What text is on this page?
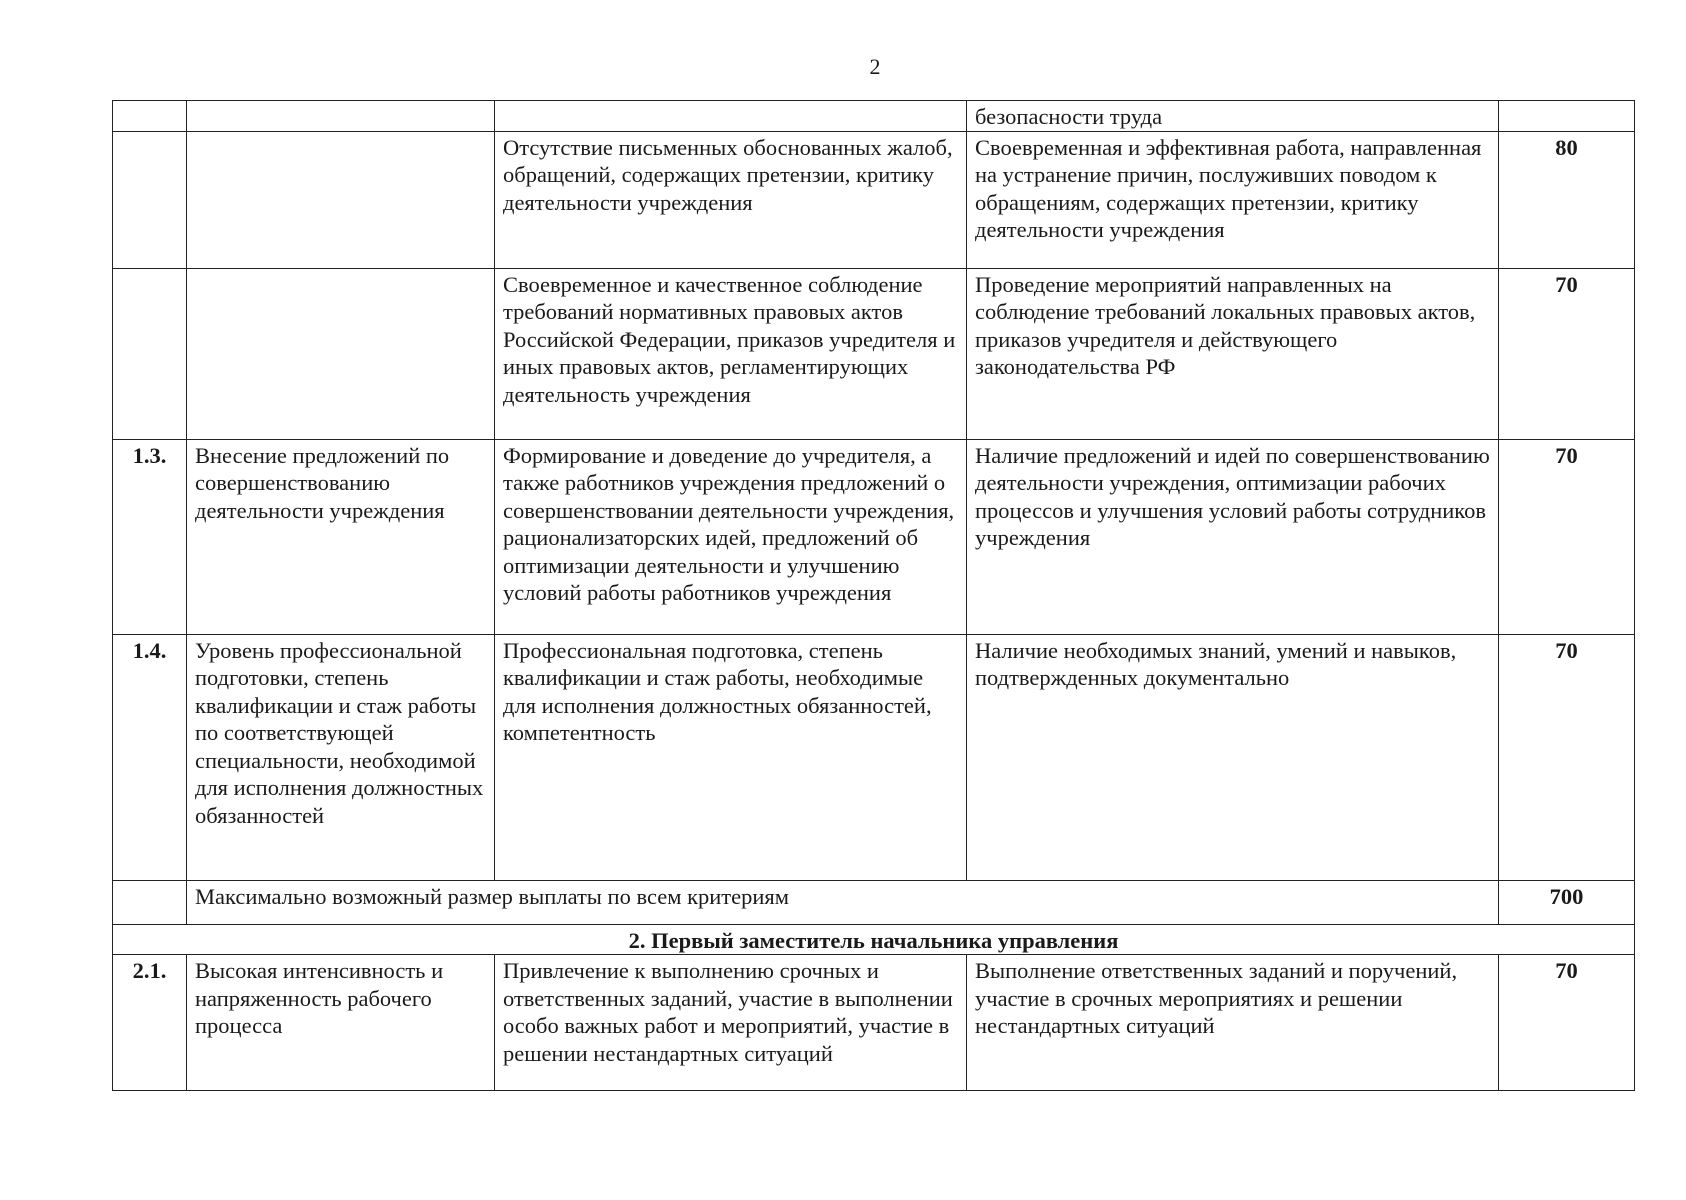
2
			безопасности труда	
		Отсутствие письменных обоснованных жалоб, обращений, содержащих претензии, критику деятельности учреждения	Своевременная и эффективная работа, направленная на устранение причин, послуживших поводом к обращениям, содержащих претензии, критику деятельности учреждения	80
		Своевременное и качественное соблюдение требований нормативных правовых актов Российской Федерации, приказов учредителя и иных правовых актов, регламентирующих деятельность учреждения	Проведение мероприятий направленных на соблюдение требований локальных правовых актов, приказов учредителя и действующего законодательства РФ	70
1.3.	Внесение предложений по совершенствованию деятельности учреждения	Формирование и доведение до учредителя, а также работников учреждения предложений о совершенствовании деятельности учреждения, рационализаторских идей, предложений об оптимизации деятельности и улучшению условий работы работников учреждения	Наличие предложений и идей по совершенствованию деятельности учреждения, оптимизации рабочих процессов и улучшения условий работы сотрудников учреждения	70
1.4.	Уровень профессиональной подготовки, степень квалификации и стаж работы по соответствующей специальности, необходимой для исполнения должностных обязанностей	Профессиональная подготовка, степень квалификации и стаж работы, необходимые для исполнения должностных обязанностей, компетентность	Наличие необходимых знаний, умений и навыков, подтвержденных документально	70
	Максимально возможный размер выплаты по всем критериям			700
2. Первый заместитель начальника управления				
2.1.	Высокая интенсивность и напряженность рабочего процесса	Привлечение к выполнению срочных и ответственных заданий, участие в выполнении особо важных работ и мероприятий, участие в решении нестандартных ситуаций	Выполнение ответственных заданий и поручений, участие в срочных мероприятиях и решении нестандартных ситуаций	70
